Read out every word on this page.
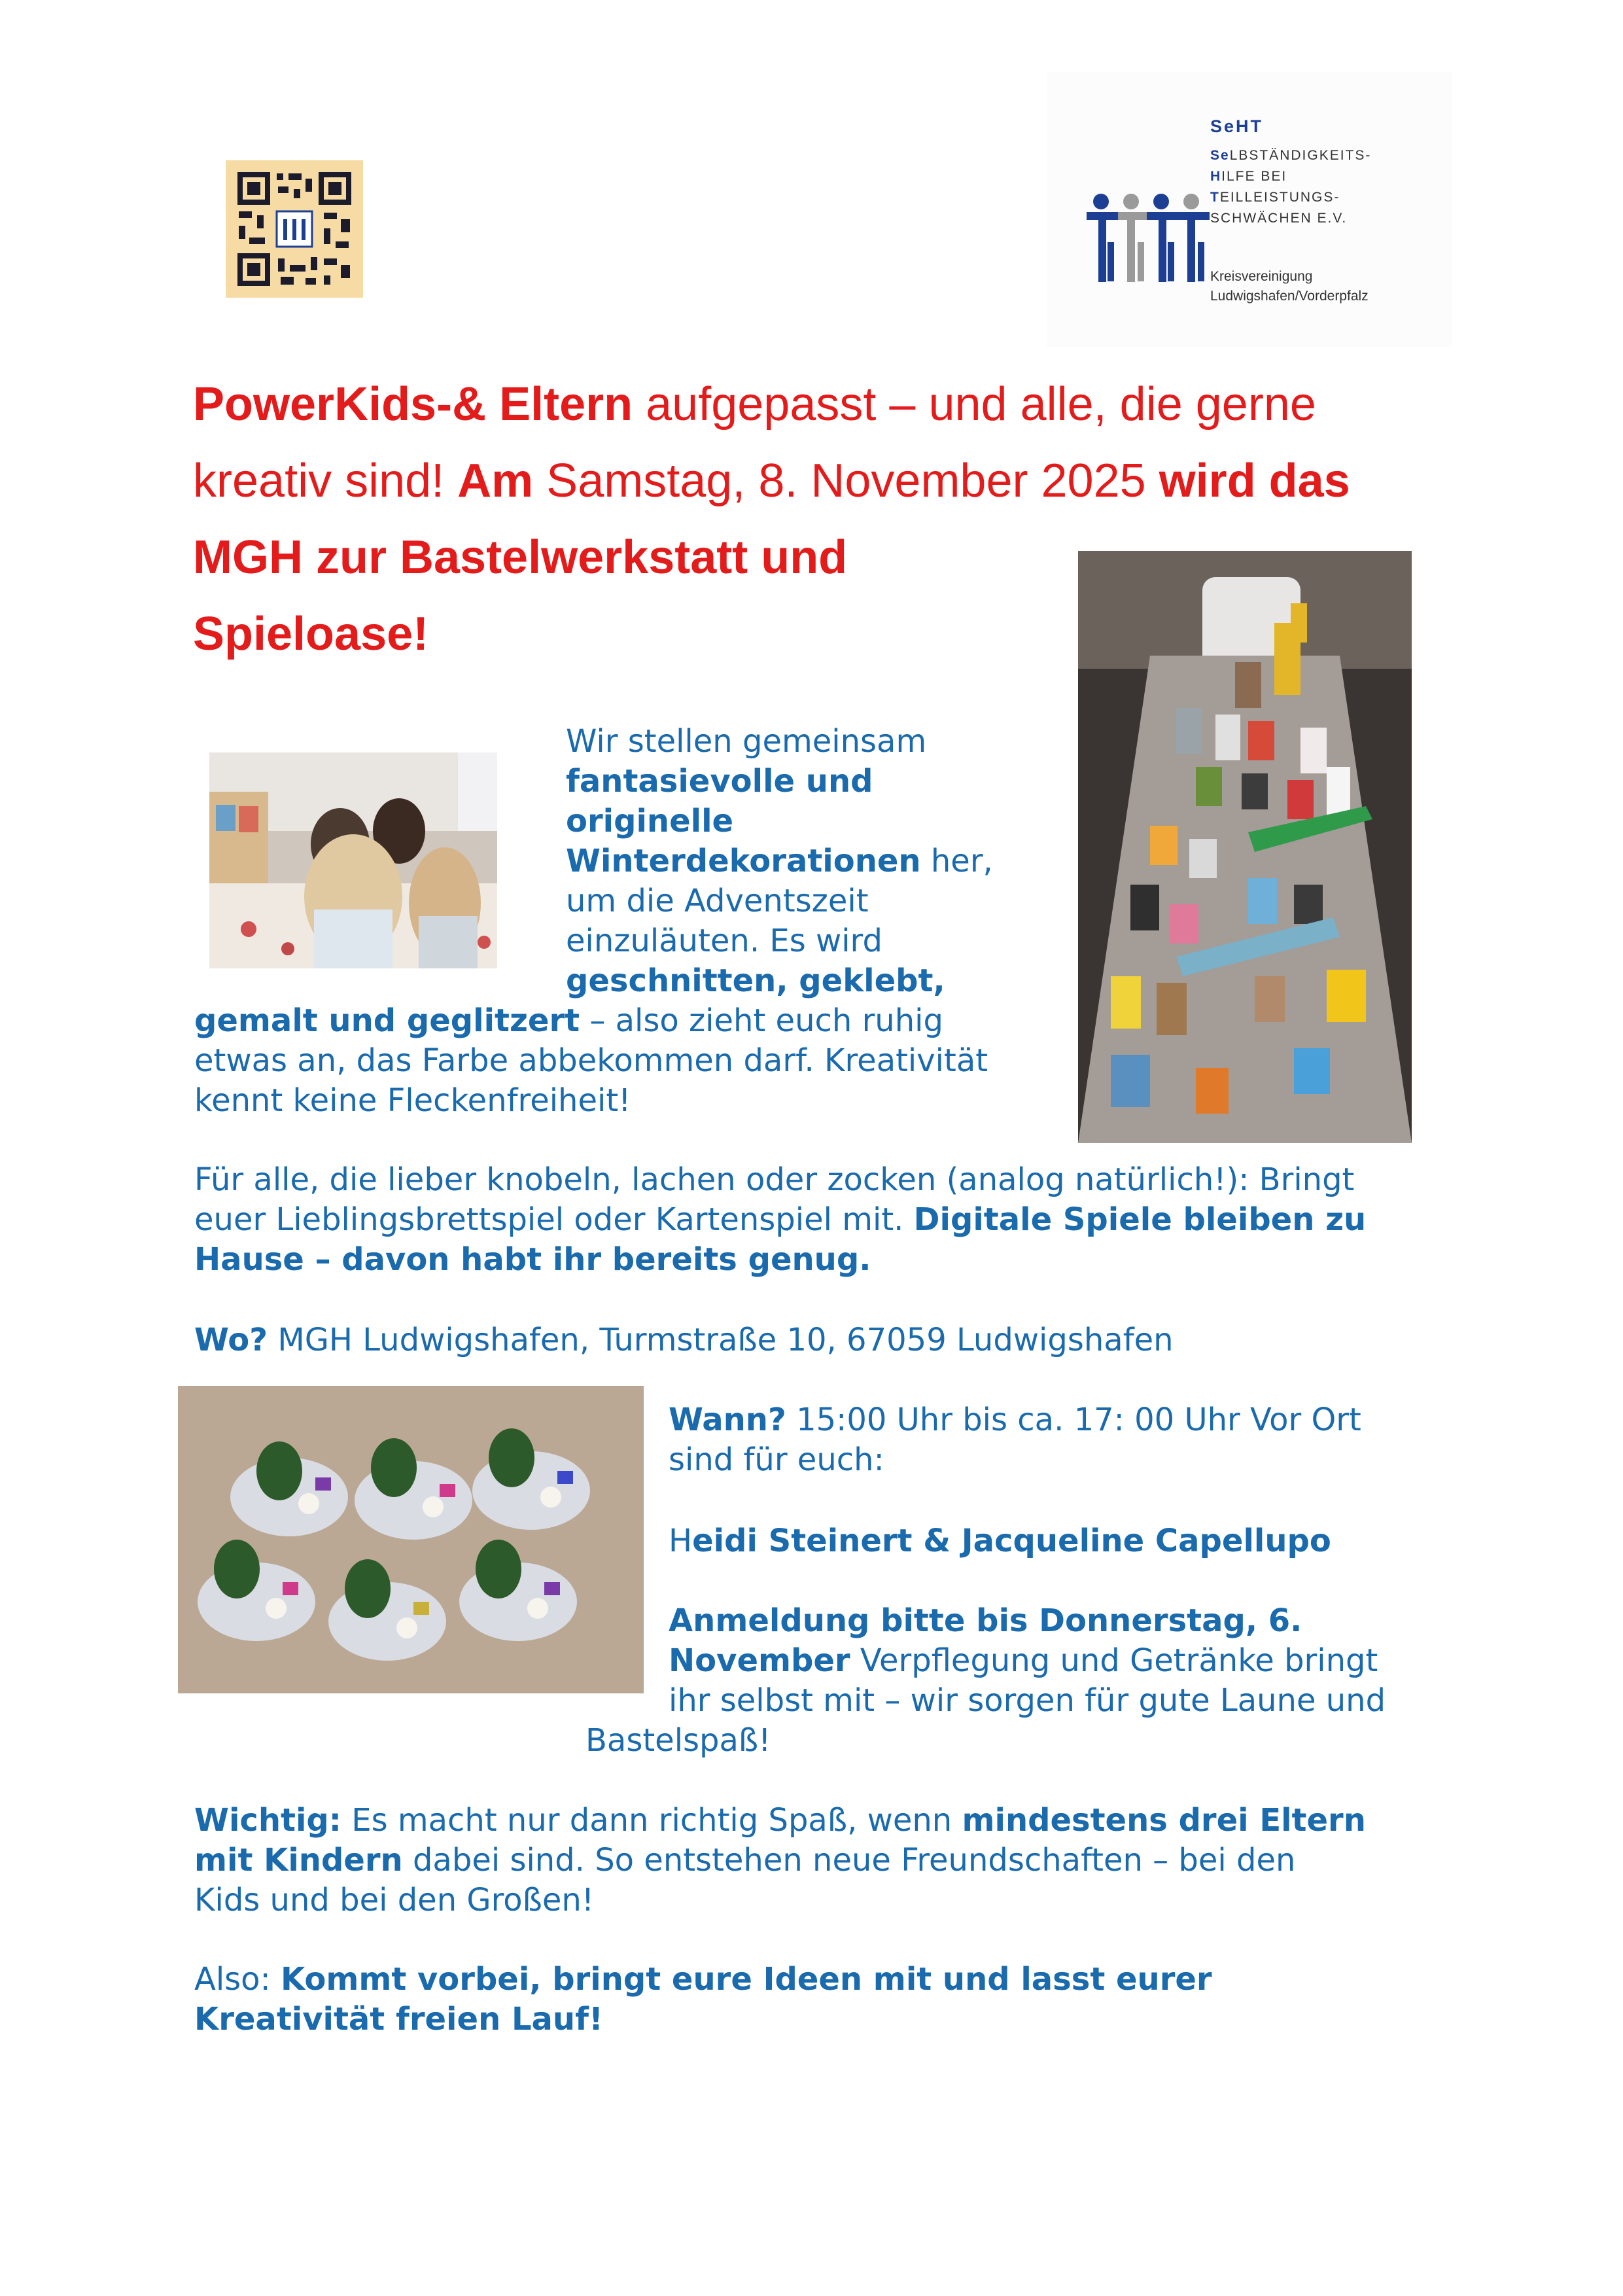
SeHT
SeLBSTÄNDIGKEITS-
HILFE BEI
TEILLEISTUNGS-
SCHWÄCHEN E.V.
Kreisvereinigung
Ludwigshafen/Vorderpfalz
PowerKids-& Eltern aufgepasst – und alle, die gerne
kreativ sind! Am Samstag, 8. November 2025 wird das
MGH zur Bastelwerkstatt und
Spieloase!
Wir stellen gemeinsam
fantasievolle und
originelle
Winterdekorationen her,
um die Adventszeit
einzuläuten. Es wird
geschnitten, geklebt,
gemalt und geglitzert – also zieht euch ruhig
etwas an, das Farbe abbekommen darf. Kreativität
kennt keine Fleckenfreiheit!
Für alle, die lieber knobeln, lachen oder zocken (analog natürlich!): Bringt
euer Lieblingsbrettspiel oder Kartenspiel mit. Digitale Spiele bleiben zu
Hause – davon habt ihr bereits genug.
Wo? MGH Ludwigshafen, Turmstraße 10, 67059 Ludwigshafen
Wann? 15:00 Uhr bis ca. 17: 00 Uhr Vor Ort
sind für euch:
Heidi Steinert & Jacqueline Capellupo
Anmeldung bitte bis Donnerstag, 6.
November Verpflegung und Getränke bringt
ihr selbst mit – wir sorgen für gute Laune und
Bastelspaß!
Wichtig: Es macht nur dann richtig Spaß, wenn mindestens drei Eltern
mit Kindern dabei sind. So entstehen neue Freundschaften – bei den
Kids und bei den Großen!
Also: Kommt vorbei, bringt eure Ideen mit und lasst eurer
Kreativität freien Lauf!
